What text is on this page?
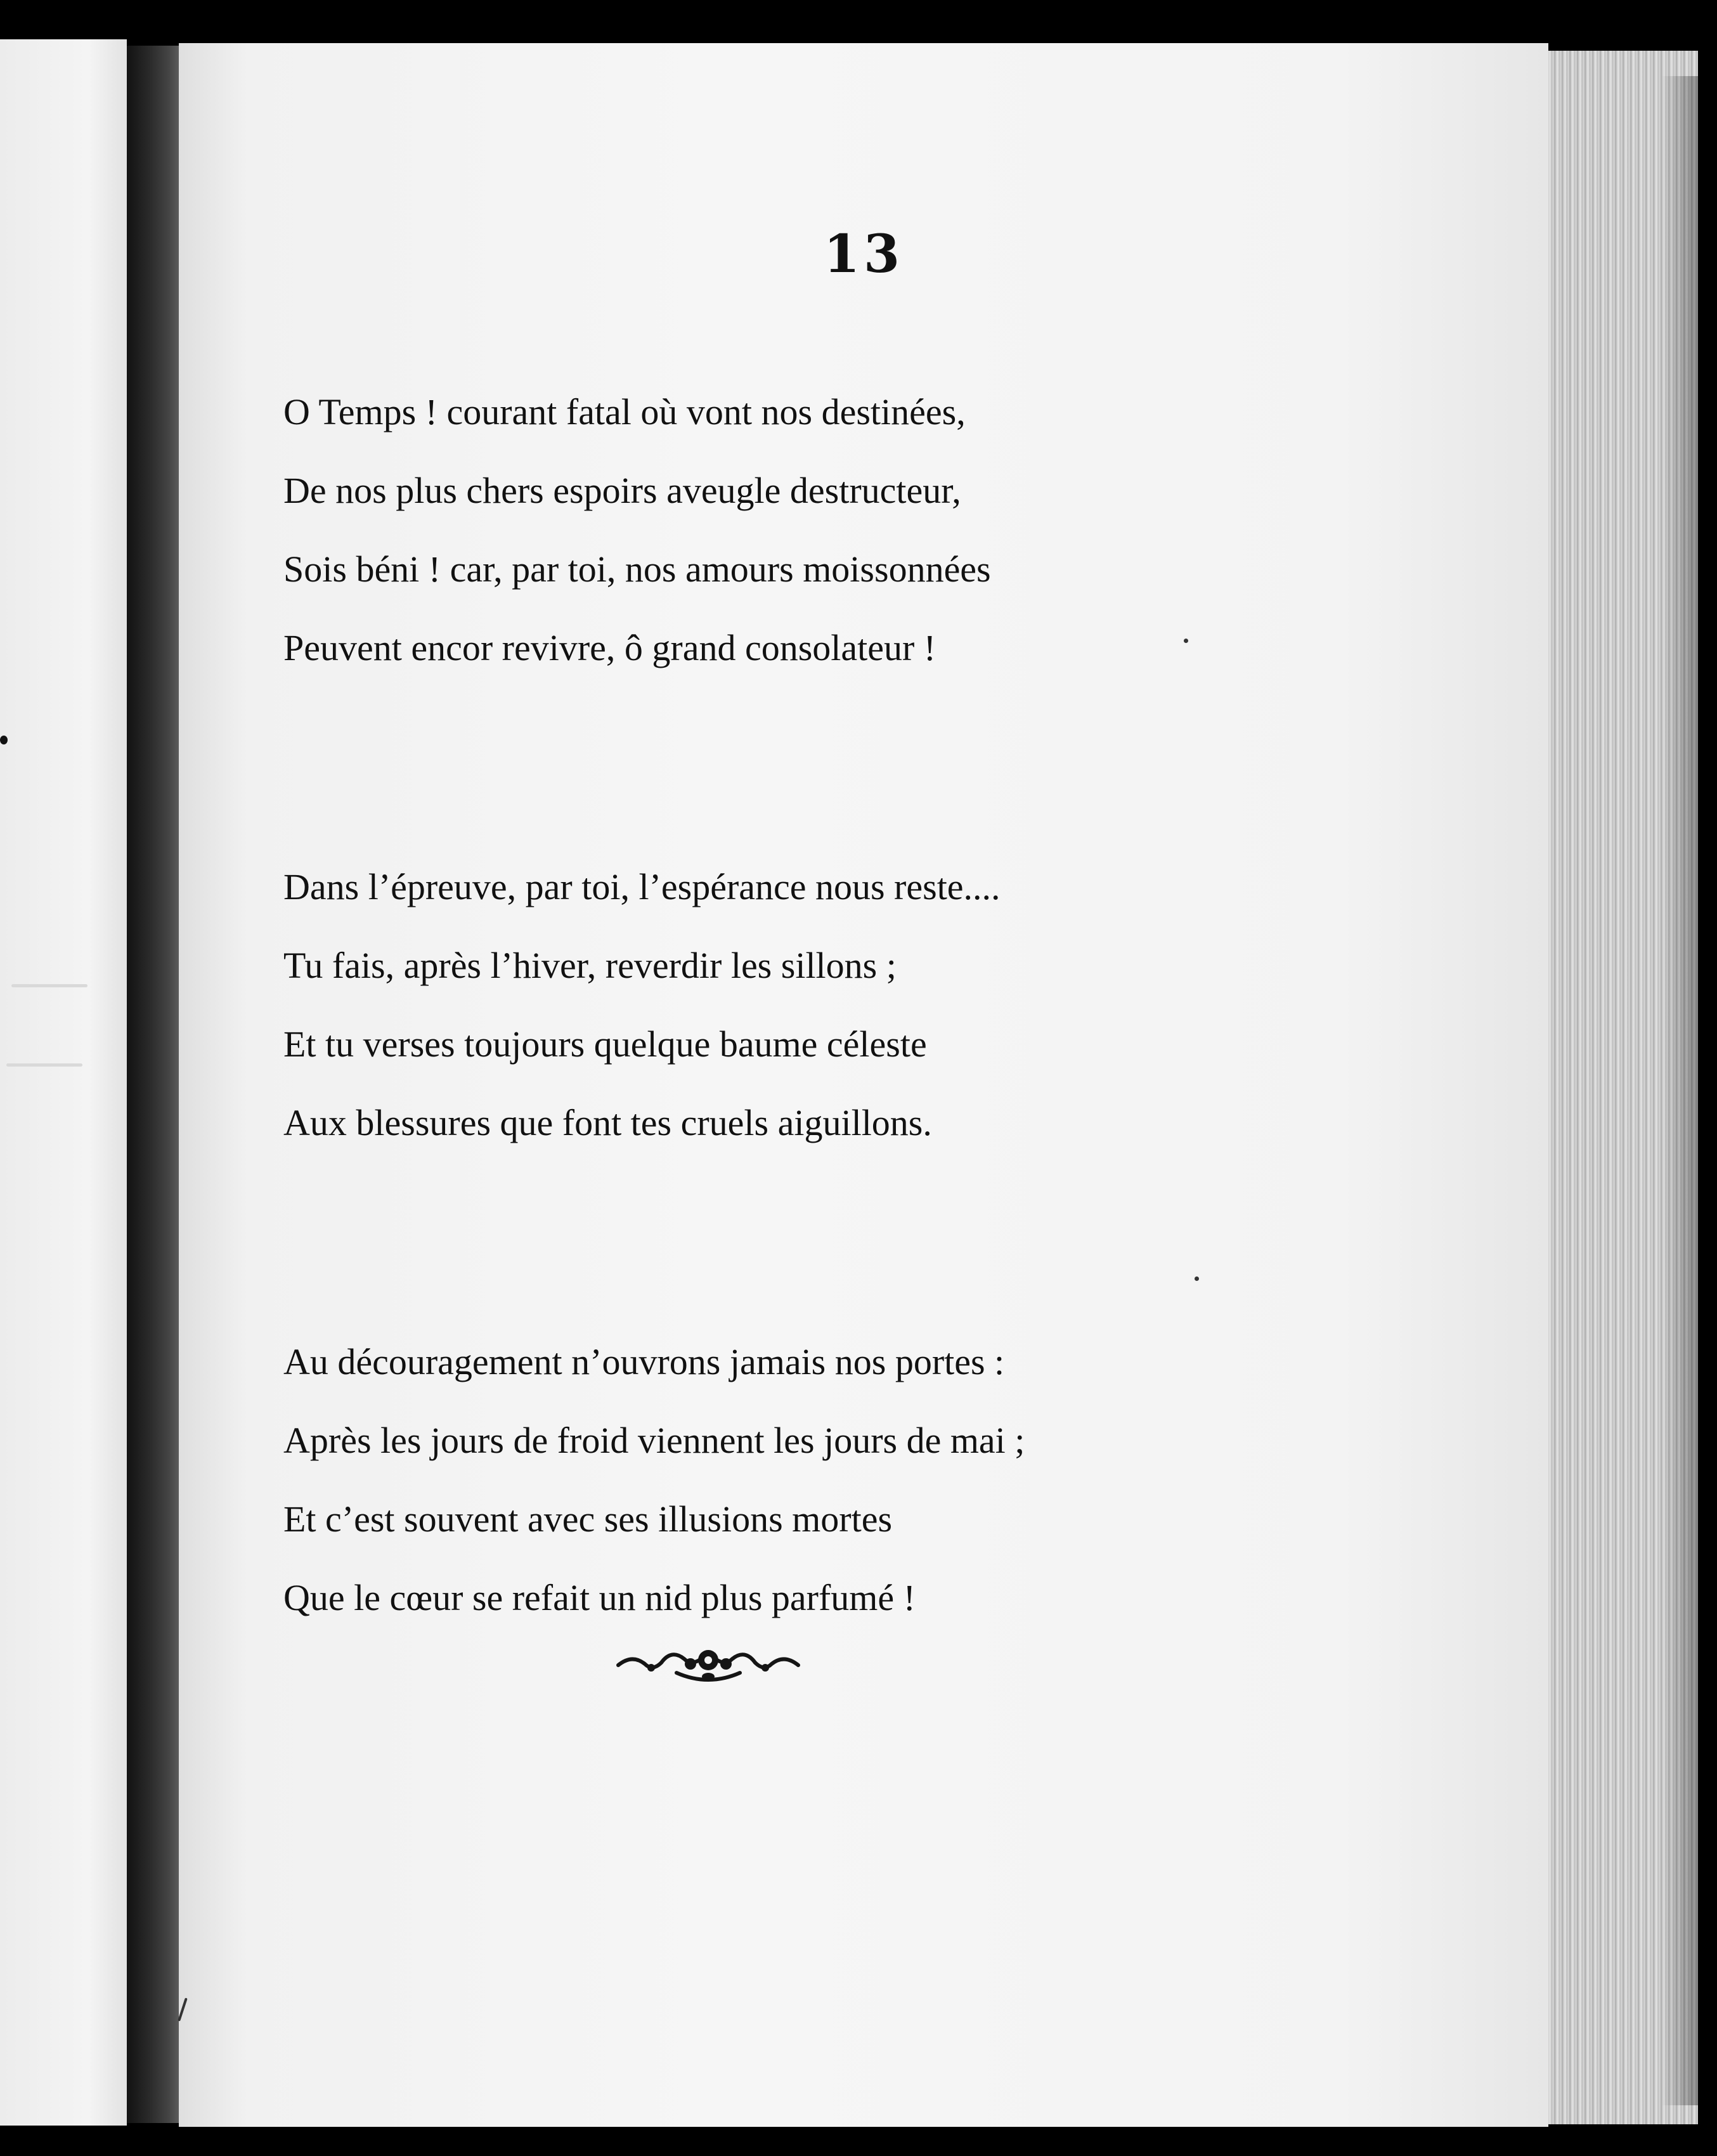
13
O Temps ! courant fatal où vont nos destinées,
De nos plus chers espoirs aveugle destructeur,
Sois béni ! car, par toi, nos amours moissonnées
Peuvent encor revivre, ô grand consolateur !
Dans l’épreuve, par toi, l’espérance nous reste....
Tu fais, après l’hiver, reverdir les sillons ;
Et tu verses toujours quelque baume céleste
Aux blessures que font tes cruels aiguillons.
Au découragement n’ouvrons jamais nos portes :
Après les jours de froid viennent les jours de mai ;
Et c’est souvent avec ses illusions mortes
Que le cœur se refait un nid plus parfumé !
